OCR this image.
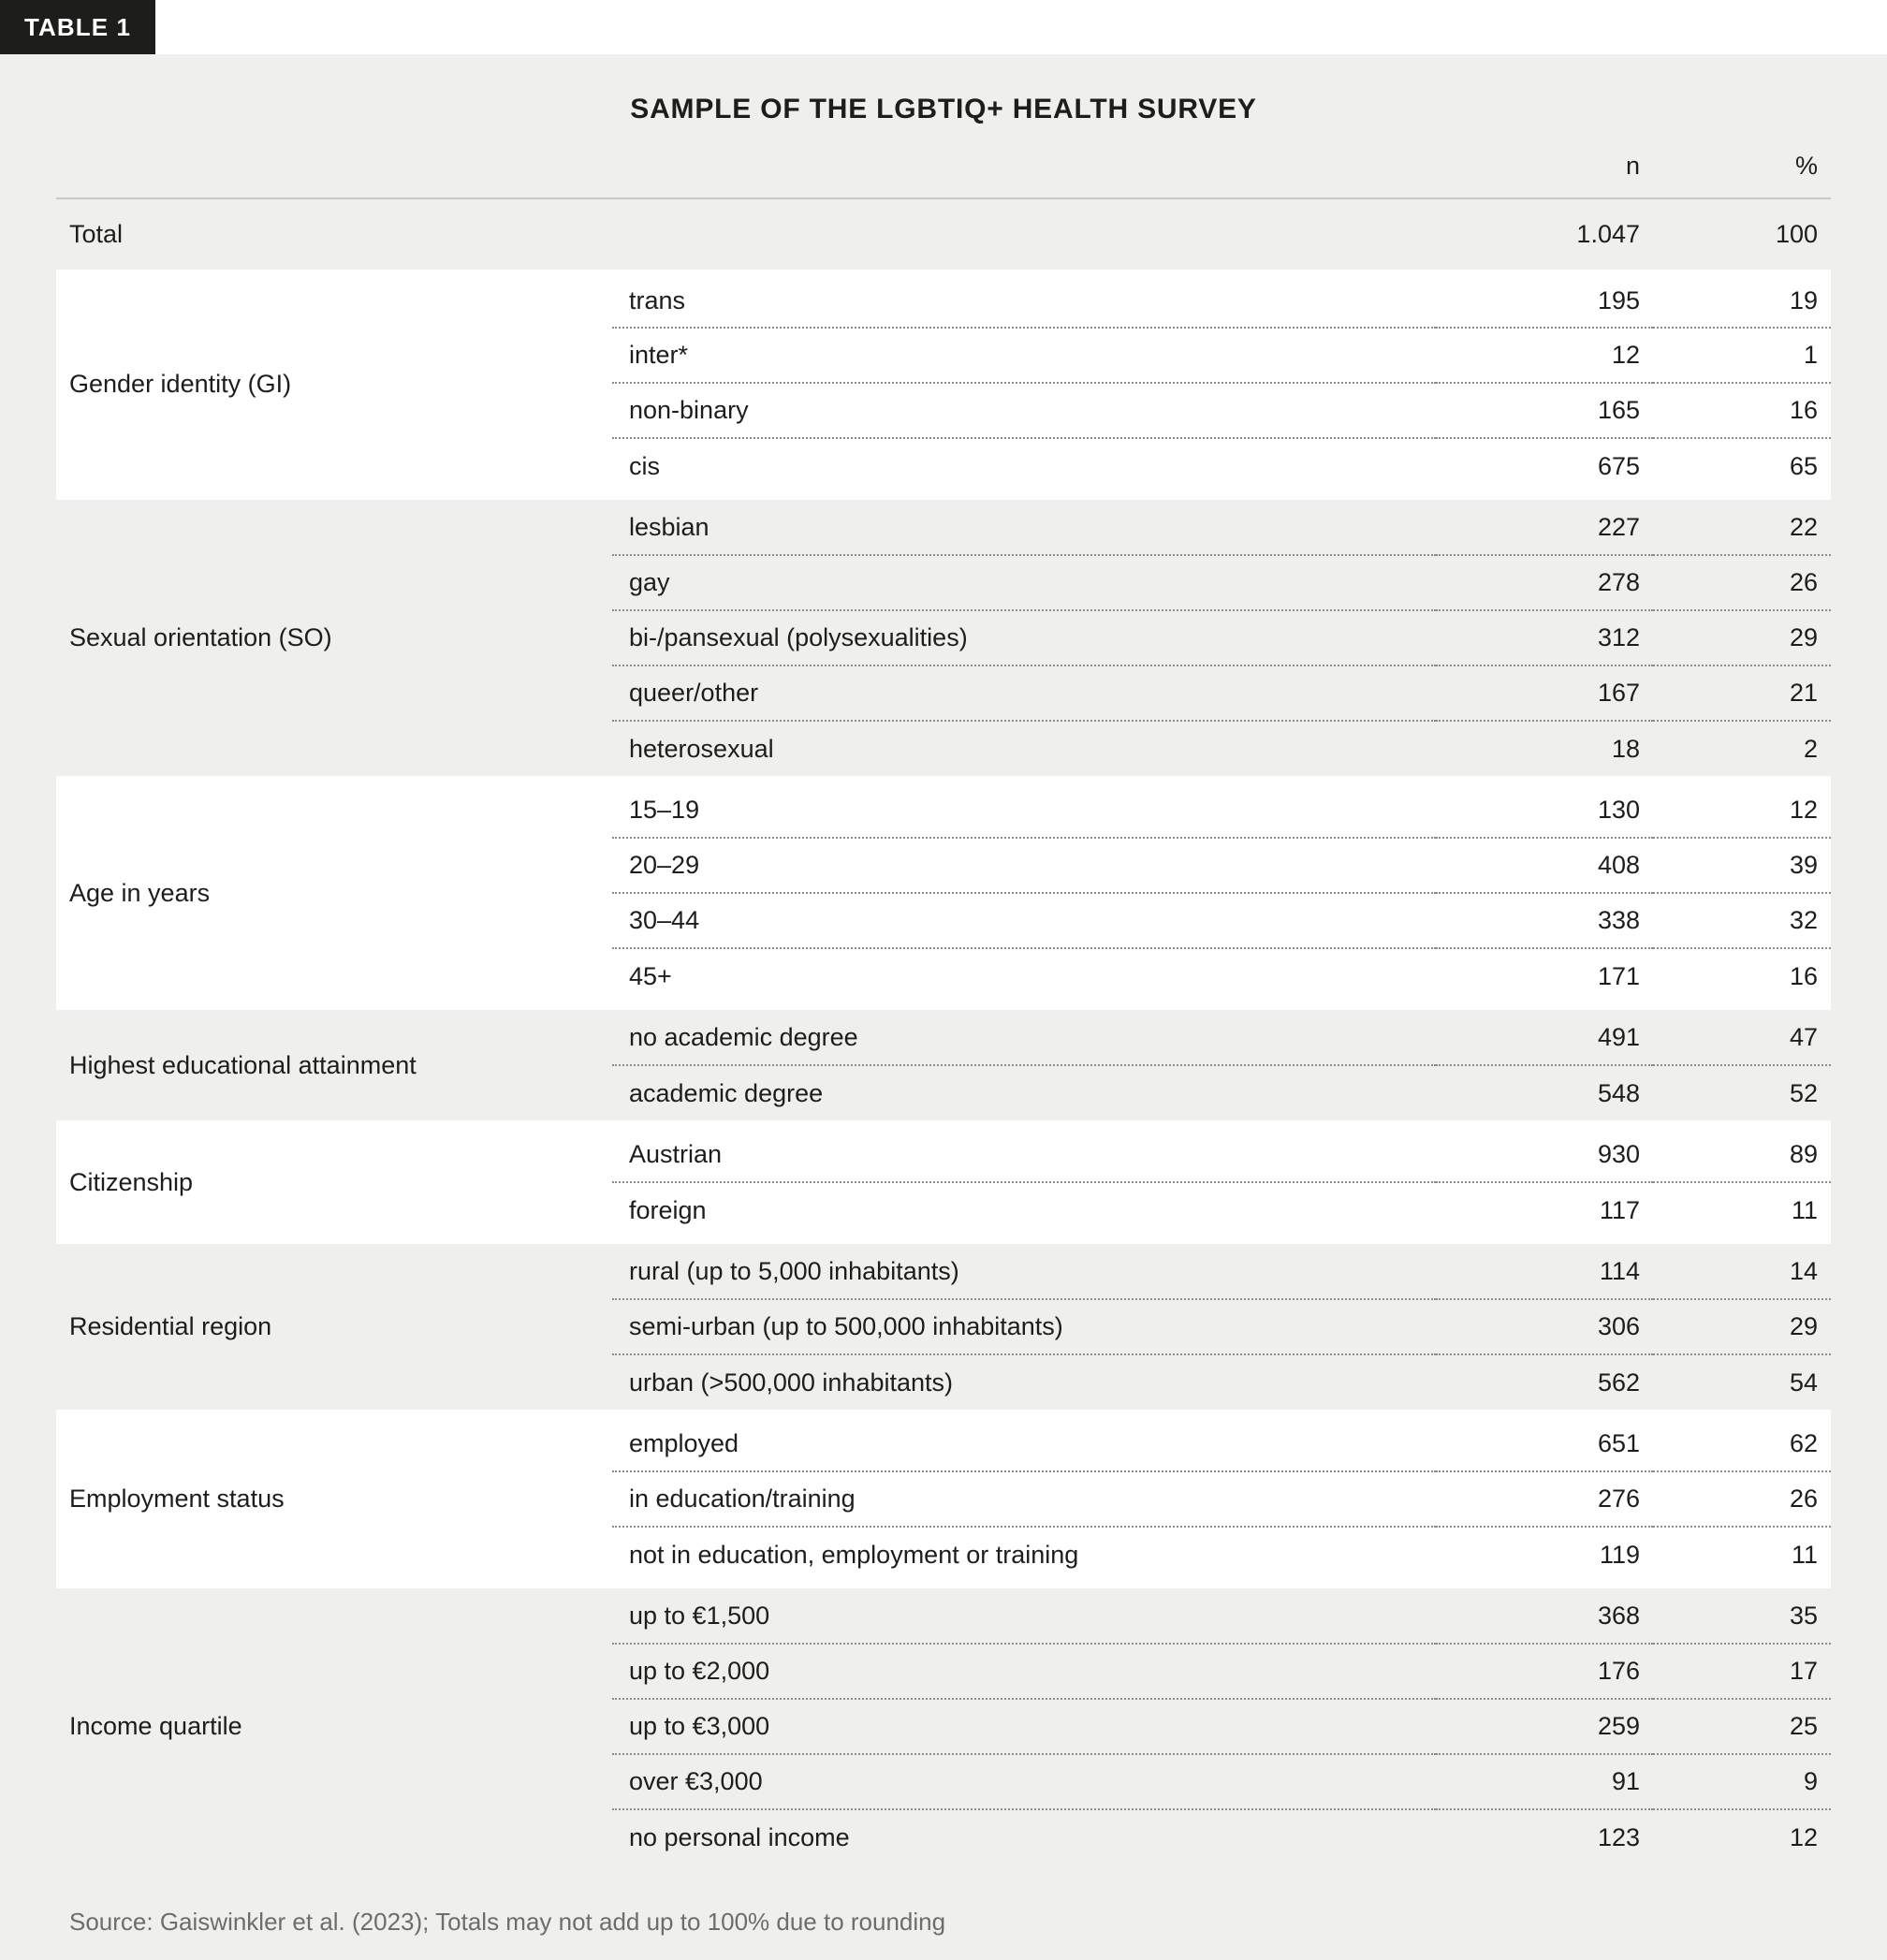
TABLE 1
SAMPLE OF THE LGBTIQ+ HEALTH SURVEY
		n	%
Total		1.047	100
Gender identity (GI)	trans	195	19
	inter*	12	1
	non-binary	165	16
	cis	675	65

Sexual orientation (SO)	lesbian	227	22
	gay	278	26
	bi-/pansexual (polysexualities)	312	29
	queer/other	167	21
	heterosexual	18	2

Age in years	15–19	130	12
	20–29	408	39
	30–44	338	32
	45+	171	16

Highest educational attainment	no academic degree	491	47
	academic degree	548	52

Citizenship	Austrian	930	89
	foreign	117	11

Residential region	rural (up to 5,000 inhabitants)	114	14
	semi-urban (up to 500,000 inhabitants)	306	29
	urban (>500,000 inhabitants)	562	54

Employment status	employed	651	62
	in education/training	276	26
	not in education, employment or training	119	11

Income quartile	up to €1,500	368	35
	up to €2,000	176	17
	up to €3,000	259	25
	over €3,000	91	9
	no personal income	123	12
Source: Gaiswinkler et al. (2023); Totals may not add up to 100% due to rounding
